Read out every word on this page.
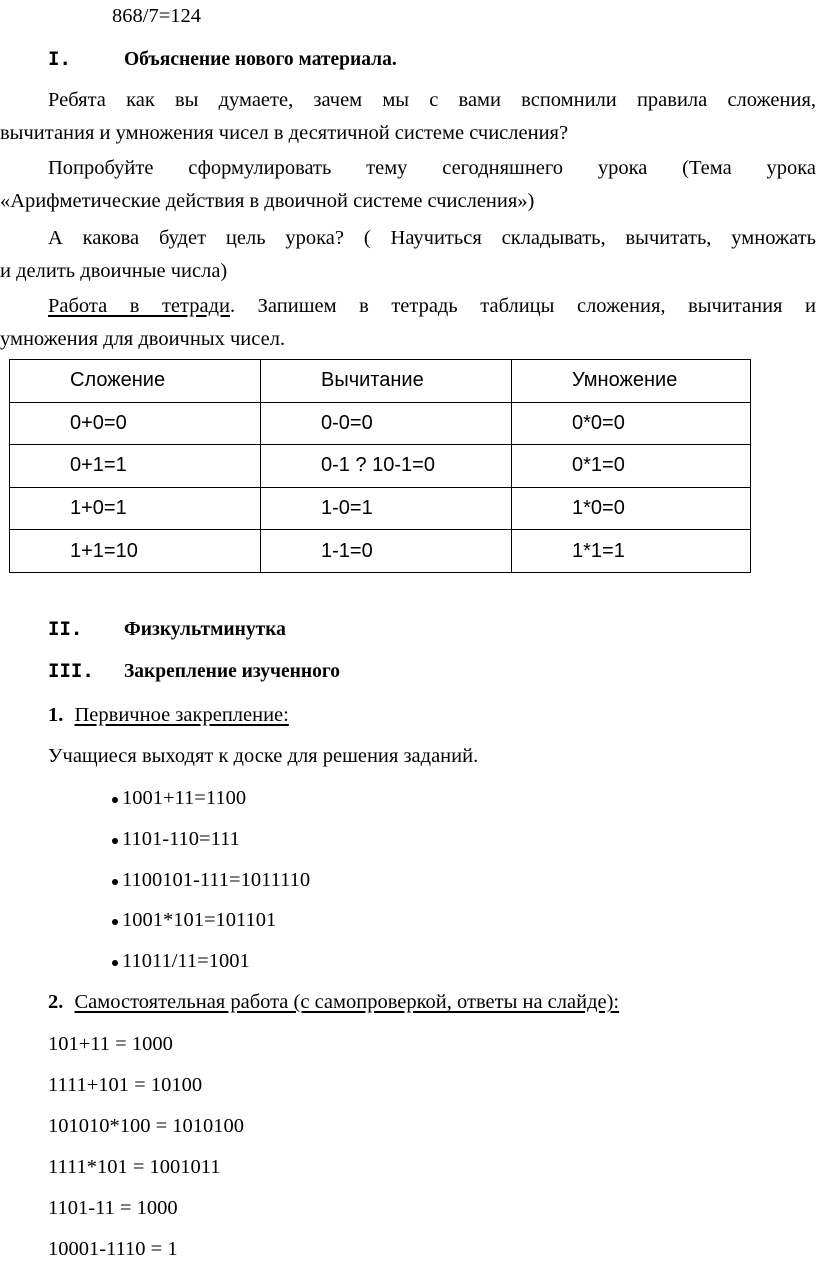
868/7=124
I.	Объяснение нового материала.
Ребята как вы думаете, зачем мы с вами вспомнили правила сложения,
вычитания и умножения чисел в десятичной системе счисления?
Попробуйте сформулировать тему сегодняшнего урока (Тема урока
«Арифметические действия в двоичной системе счисления»)
А какова будет цель урока? ( Научиться складывать, вычитать, умножать
и делить двоичные числа)
Работа в тетради. Запишем в тетрадь таблицы сложения, вычитания и
умножения для двоичных чисел.
Сложение	Вычитание	Умножение
0+0=0	0-0=0	0*0=0
0+1=1	0-1 ? 10-1=0	0*1=0
1+0=1	1-0=1	1*0=0
1+1=10	1-1=0	1*1=1
II.	Физкультминутка
III.	Закрепление изученного
1. Первичное закрепление:
Учащиеся выходят к доске для решения заданий.
1001+11=1100
1101-110=111
1100101-111=1011110
1001*101=101101
11011/11=1001
2. Самостоятельная работа (с самопроверкой, ответы на слайде):
101+11 = 1000
1111+101 = 10100
101010*100 = 1010100
1111*101 = 1001011
1101-11 = 1000
10001-1110 = 1
